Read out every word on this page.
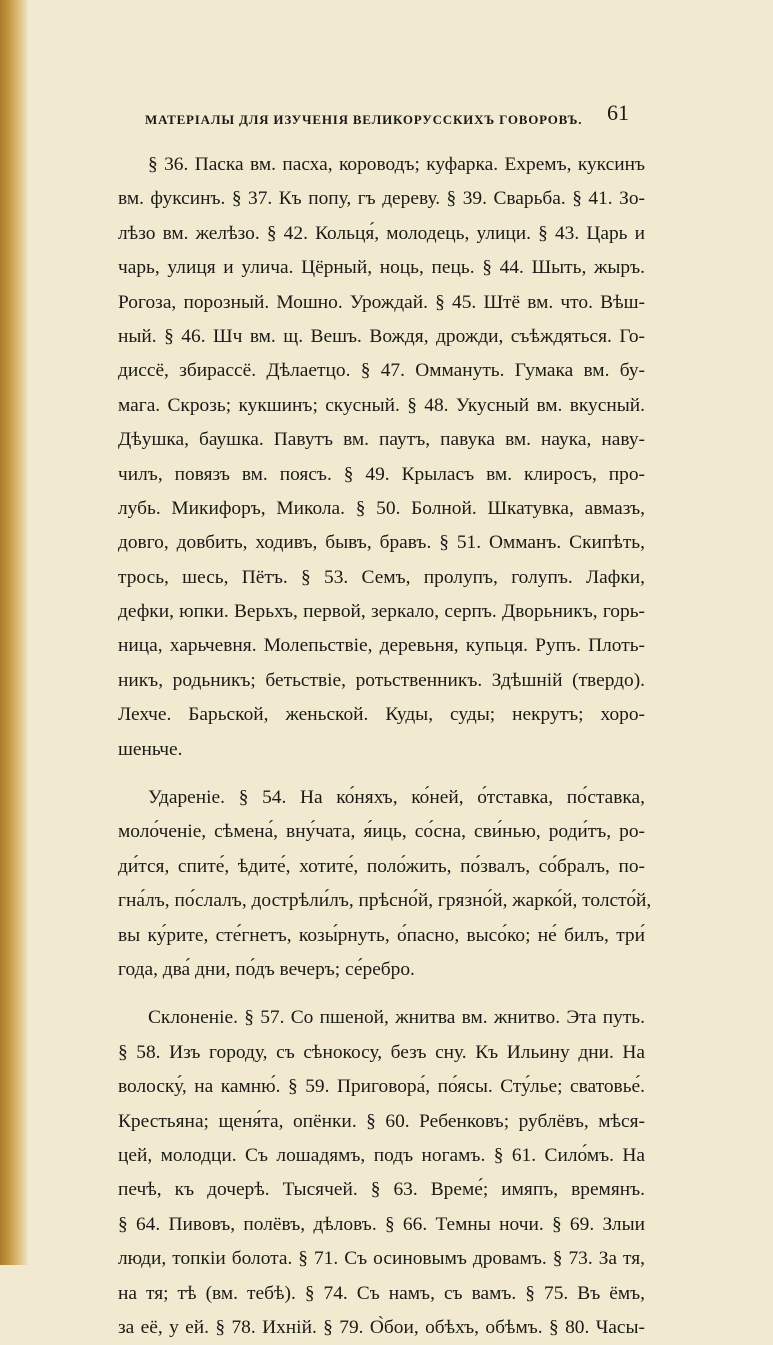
МАТЕРІАЛЫ ДЛЯ ИЗУЧЕНІЯ ВЕЛИКОРУССКИХЪ ГОВОРОВЪ. 61
§ 36. Паска вм. пасха, короводъ; куфарка. Ехремъ, куксинъ
вм. фуксинъ. § 37. Къ попу, гъ дереву. § 39. Сварьба. § 41. Зо-
лѣзо вм. желѣзо. § 42. Кольця́, молодець, улици. § 43. Царь и
чарь, улиця и улича. Цёрный, ноць, пець. § 44. Шыть, жыръ.
Рогоза, порозный. Мошно. Урождай. § 45. Штё вм. что. Вѣш-
ный. § 46. Шч вм. щ. Вешъ. Вождя, дрожди, съѣждяться. Го-
диссё, збирассё. Дѣлаетцо. § 47. Оммануть. Гумака вм. бу-
мага. Скрозь; кукшинъ; скусный. § 48. Укусный вм. вкусный.
Дѣушка, баушка. Павутъ вм. паутъ, павука вм. наука, наву-
чилъ, повязъ вм. поясъ. § 49. Крыласъ вм. клиросъ, про-
лубь. Микифоръ, Микола. § 50. Болной. Шкатувка, авмазъ,
довго, довбить, ходивъ, бывъ, бравъ. § 51. Омманъ. Скипѣть,
трось, шесь, Пётъ. § 53. Семъ, пролупъ, голупъ. Лафки,
дефки, юпки. Верьхъ, первой, зеркало, серпъ. Дворьникъ, горь-
ница, харьчевня. Молепьствіе, деревьня, купьця. Рупъ. Плоть-
никъ, родьникъ; бетьствіе, ротьственникъ. Здѣшній (твердо).
Лехче. Барьской, женьской. Куды, суды; некрутъ; хоро-
шеньче.
Удареніе. § 54. На ко́няхъ, ко́ней, о́тставка, по́ставка,
моло́ченіе, сѣмена́, вну́чата, я́иць, со́сна, сви́нью, роди́тъ, ро-
ди́тся, спите́, ѣдите́, хотите́, поло́жить, по́звалъ, со́бралъ, по-
гна́лъ, по́слалъ, дострѣли́лъ, прѣсно́й, грязно́й, жарко́й, толсто́й,
вы ку́рите, сте́гнетъ, козы́рнуть, о́пасно, высо́ко; не́ билъ, три́
года, два́ дни, по́дъ вечеръ; се́ребро.
Склоненіе. § 57. Со пшеной, жнитва вм. жнитво. Эта путь.
§ 58. Изъ городу, съ сѣнокосу, безъ сну. Къ Ильину дни. На
волоску́, на камню́. § 59. Приговора́, по́ясы. Сту́лье; сватовье́.
Крестьяна; щеня́та, опёнки. § 60. Ребенковъ; рублёвъ, мѣся-
цей, молодци. Съ лошадямъ, подъ ногамъ. § 61. Сило́мъ. На
печѣ, къ дочерѣ. Тысячей. § 63. Време́; имяпъ, времянъ.
§ 64. Пивовъ, полёвъ, дѣловъ. § 66. Темны ночи. § 69. Злыи
люди, топкіи болота. § 71. Съ осиновымъ дровамъ. § 73. За тя,
на тя; тѣ (вм. тебѣ). § 74. Съ намъ, съ вамъ. § 75. Въ ёмъ,
за её, у ей. § 78. Ихній. § 79. О̀бои, обѣхъ, обѣмъ. § 80. Часы-
